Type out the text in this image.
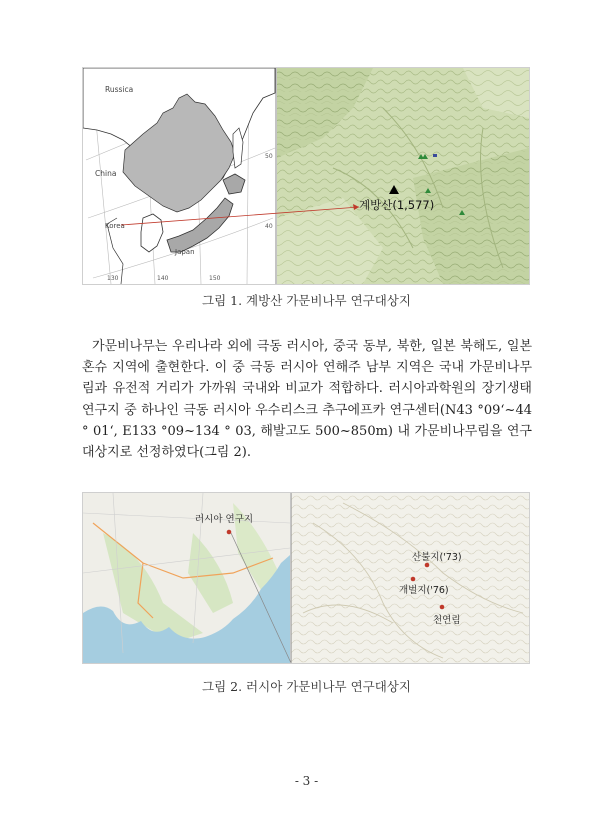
Russica
China
Korea
Japan
50
40
130	140	150
계방산(1,577)
그림 1. 계방산 가문비나무 연구대상지

가문비나무는 우리나라 외에 극동 러시아, 중국 동부, 북한, 일본 북해도, 일본 혼슈 지역에 출현한다. 이 중 극동 러시아 연해주 남부 지역은 국내 가문비나무림과 유전적 거리가 가까워 국내와 비교가 적합하다. 러시아과학원의 장기생태연구지 중 하나인 극동 러시아 우수리스크 추구에프카 연구센터(N43 °09‘~44 ° 01‘, E133 °09~134 ° 03, 해발고도 500~850m) 내 가문비나무림을 연구대상지로 선정하였다(그림 2).

러시아 연구지
산불지('73)
개벌지('76)
천연림
그림 2. 러시아 가문비나무 연구대상지
- 3 -
